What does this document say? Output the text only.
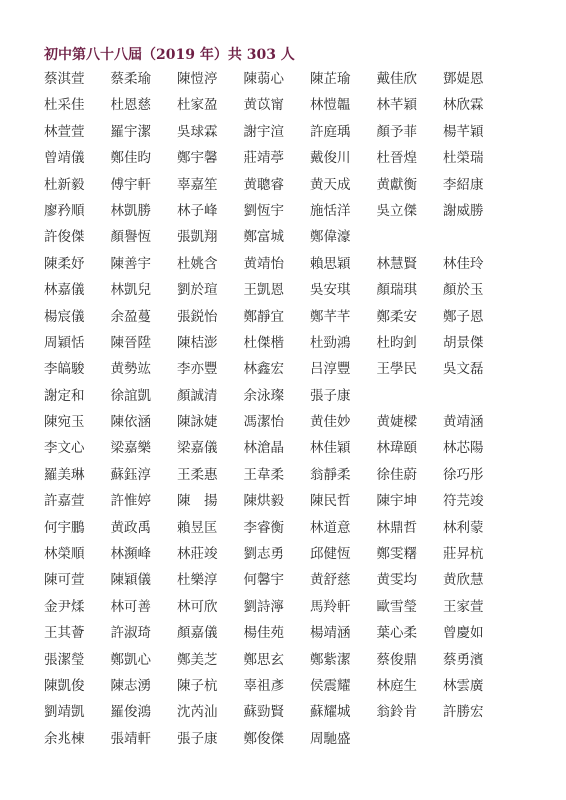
初中第八十八屆（2019 年）共 303 人
蔡淇萱	蔡柔瑜	陳愷渟	陳蒻心	陳芷瑜	戴佳欣	鄧媞恩
杜采佳	杜恩慈	杜家盈	黄苡甯	林愷韞	林芊穎	林欣霖
林萱萱	羅宇潔	吳球霖	謝宇渲	許庭瑀	顏予菲	楊芊穎
曾靖儀	鄭佳昀	鄭宇馨	莊靖葶	戴俊川	杜晉煌	杜榮瑞
杜新毅	傅宇軒	辜嘉笙	黄聰睿	黄天成	黄獻衡	李紹康
廖矜順	林凱勝	林子峰	劉恆宇	施恬洋	吳立傑	謝威勝
許俊傑	顏譽恆	張凱翔	鄭富城	鄭偉濠
陳柔妤	陳善宇	杜姚含	黄靖怡	賴思穎	林慧賢	林佳玲
林嘉儀	林凱兒	劉於瑄	王凱恩	吳安琪	顏瑞琪	顏於玉
楊宸儀	余盈蔓	張鋭怡	鄭靜宜	鄭芊芊	鄭柔安	鄭子恩
周穎恬	陳晉陞	陳桔澎	杜傑楷	杜勁鴻	杜昀釗	胡景傑
李皜駿	黄勢竑	李亦豐	林鑫宏	吕淳豐	王學民	吳文磊
謝定和	徐誼凱	顏誠清	余泳璨	張子康
陳宛玉	陳依涵	陳詠婕	馮潔怡	黄佳妙	黄婕樑	黄靖涵
李文心	梁嘉樂	梁嘉儀	林滄晶	林佳穎	林瑋頤	林芯陽
羅美琳	蘇鈺淳	王柔惠	王韋柔	翁靜柔	徐佳蔚	徐巧彤
許嘉萱	許惟婷	陳　揚	陳烘毅	陳民哲	陳宇坤	符芫竣
何宇鵬	黄政禹	賴昱匡	李睿衡	林道意	林鼎哲	林利蒙
林榮順	林瀕峰	林莊竣	劉志勇	邱健恆	鄭雯糬	莊昇杭
陳可萱	陳穎儀	杜樂淳	何馨宇	黄舒慈	黄雯均	黄欣慧
金尹煣	林可善	林可欣	劉詩濘	馬羚軒	歐雪瑩	王家萱
王其薈	許淑琦	顏嘉儀	楊佳苑	楊靖涵	葉心柔	曾慶如
張潔瑩	鄭凱心	鄭美芝	鄭思玄	鄭紫潔	蔡俊鼎	蔡勇濱
陳凱俊	陳志湧	陳子杭	辜祖彥	侯震耀	林庭生	林雲廣
劉靖凱	羅俊鴻	沈芮汕	蘇勁賢	蘇耀城	翁鈴肯	許勝宏
余兆棟	張靖軒	張子康	鄭俊傑	周馳盛
